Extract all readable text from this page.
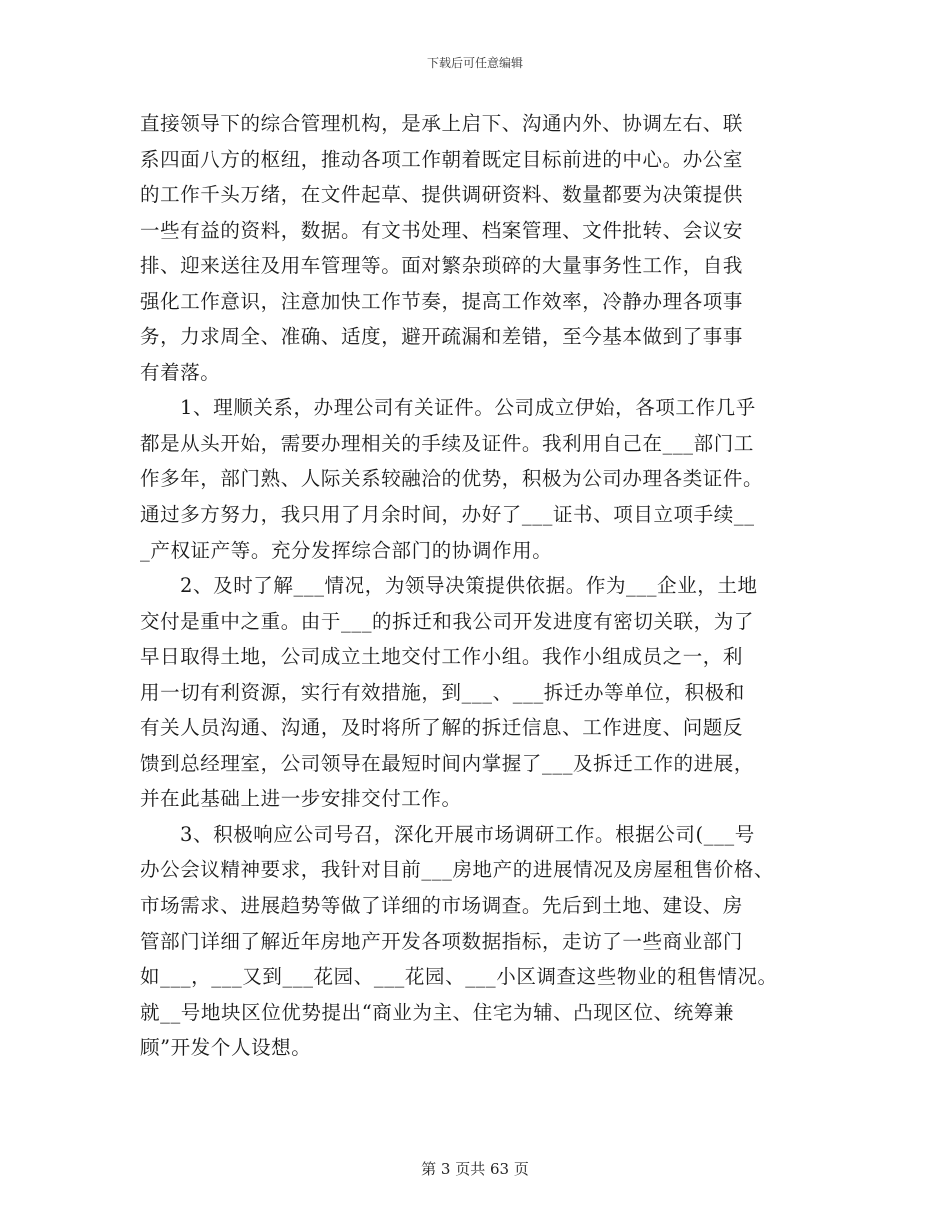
下载后可任意编辑
直接领导下的综合管理机构，是承上启下、沟通内外、协调左右、联
系四面八方的枢纽，推动各项工作朝着既定目标前进的中心。办公室
的工作千头万绪，在文件起草、提供调研资料、数量都要为决策提供
一些有益的资料，数据。有文书处理、档案管理、文件批转、会议安
排、迎来送往及用车管理等。面对繁杂琐碎的大量事务性工作，自我
强化工作意识，注意加快工作节奏，提高工作效率，冷静办理各项事
务，力求周全、准确、适度，避开疏漏和差错，至今基本做到了事事
有着落。
1、理顺关系，办理公司有关证件。公司成立伊始，各项工作几乎
都是从头开始，需要办理相关的手续及证件。我利用自己在___部门工
作多年，部门熟、人际关系较融洽的优势，积极为公司办理各类证件。
通过多方努力，我只用了月余时间，办好了___证书、项目立项手续__
_产权证产等。充分发挥综合部门的协调作用。
2、及时了解___情况，为领导决策提供依据。作为___企业，土地
交付是重中之重。由于___的拆迁和我公司开发进度有密切关联，为了
早日取得土地，公司成立土地交付工作小组。我作小组成员之一，利
用一切有利资源，实行有效措施，到___、___拆迁办等单位，积极和
有关人员沟通、沟通，及时将所了解的拆迁信息、工作进度、问题反
馈到总经理室，公司领导在最短时间内掌握了___及拆迁工作的进展，
并在此基础上进一步安排交付工作。
3、积极响应公司号召，深化开展市场调研工作。根据公司(___号
办公会议精神要求，我针对目前___房地产的进展情况及房屋租售价格、
市场需求、进展趋势等做了详细的市场调查。先后到土地、建设、房
管部门详细了解近年房地产开发各项数据指标，走访了一些商业部门
如___，___又到___花园、___花园、___小区调查这些物业的租售情况。
就__号地块区位优势提出“商业为主、住宅为辅、凸现区位、统筹兼
顾”开发个人设想。
第 3 页共 63 页
